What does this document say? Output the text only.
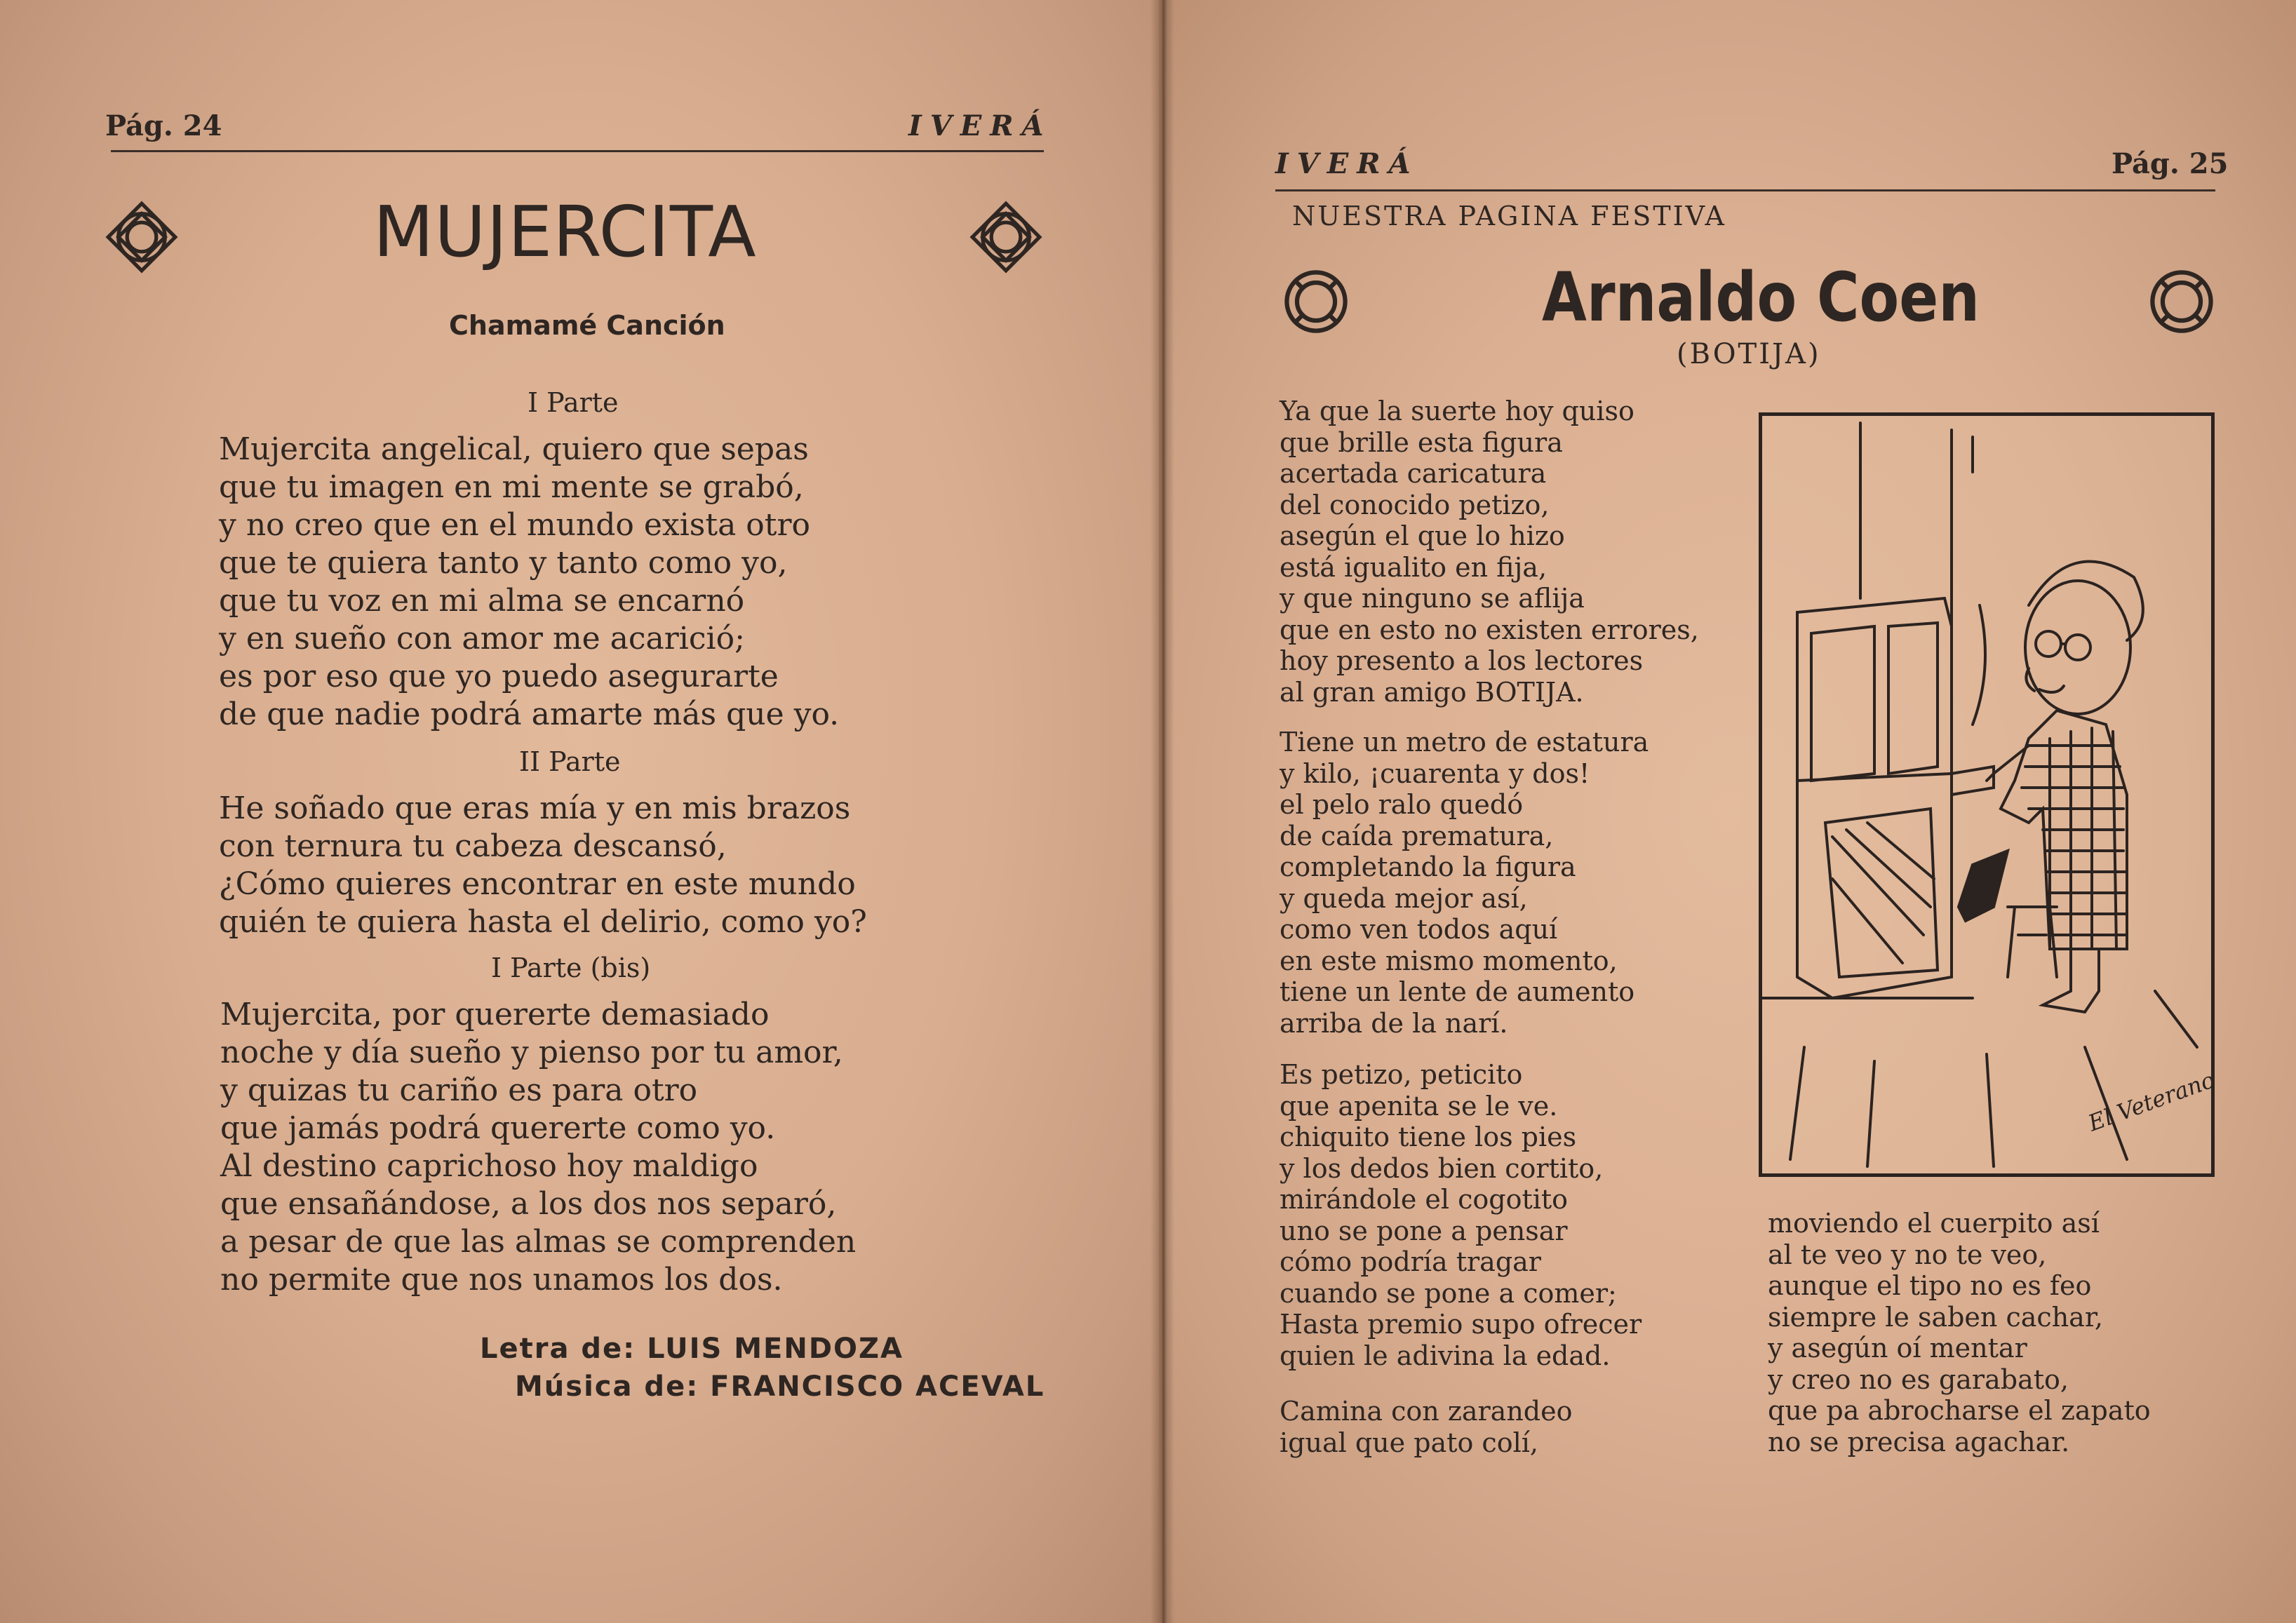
Pág. 24	IVERÁ
MUJERCITA
Chamamé Canción
I Parte
Mujercita angelical, quiero que sepas
que tu imagen en mi mente se grabó,
y no creo que en el mundo exista otro
que te quiera tanto y tanto como yo,
que tu voz en mi alma se encarnó
y en sueño con amor me acarició;
es por eso que yo puedo asegurarte
de que nadie podrá amarte más que yo.
II Parte
He soñado que eras mía y en mis brazos
con ternura tu cabeza descansó,
¿Cómo quieres encontrar en este mundo
quién te quiera hasta el delirio, como yo?
I Parte (bis)
Mujercita, por quererte demasiado
noche y día sueño y pienso por tu amor,
y quizas tu cariño es para otro
que jamás podrá quererte como yo.
Al destino caprichoso hoy maldigo
que ensañándose, a los dos nos separó,
a pesar de que las almas se comprenden
no permite que nos unamos los dos.
Letra de: LUIS MENDOZA
Música de: FRANCISCO ACEVAL
IVERÁ	Pág. 25
NUESTRA PAGINA FESTIVA
Arnaldo Coen
(BOTIJA)
Ya que la suerte hoy quiso
que brille esta figura
acertada caricatura
del conocido petizo,
asegún el que lo hizo
está igualito en fija,
y que ninguno se aflija
que en esto no existen errores,
hoy presento a los lectores
al gran amigo BOTIJA.
Tiene un metro de estatura
y kilo, ¡cuarenta y dos!
el pelo ralo quedó
de caída prematura,
completando la figura
y queda mejor así,
como ven todos aquí
en este mismo momento,
tiene un lente de aumento
arriba de la narí.
Es petizo, peticito
que apenita se le ve.
chiquito tiene los pies
y los dedos bien cortito,
mirándole el cogotito
uno se pone a pensar
cómo podría tragar
cuando se pone a comer;
Hasta premio supo ofrecer
quien le adivina la edad.
Camina con zarandeo
igual que pato colí,
moviendo el cuerpito así
al te veo y no te veo,
aunque el tipo no es feo
siempre le saben cachar,
y asegún oí mentar
y creo no es garabato,
que pa abrocharse el zapato
no se precisa agachar.
El Veterano
